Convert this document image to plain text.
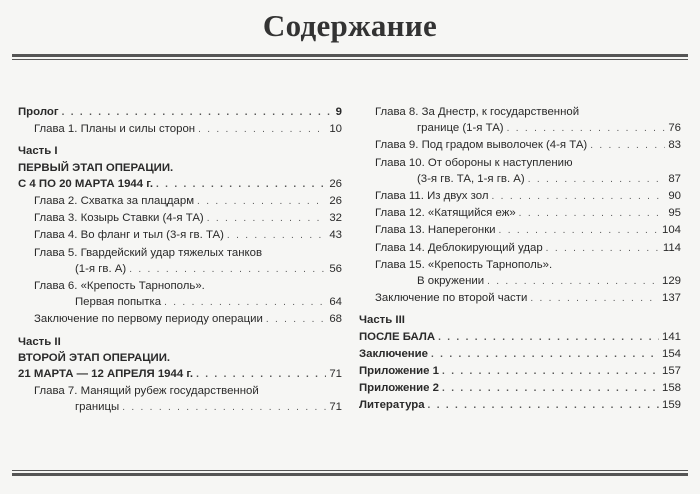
Содержание
Пролог . . .	9
Глава 1. Планы и силы сторон . . .	10
Часть I
ПЕРВЫЙ ЭТАП ОПЕРАЦИИ.
С 4 ПО 20 МАРТА 1944 г. . . .	26
Глава 2. Схватка за плацдарм . . .	26
Глава 3. Козырь Ставки (4-я ТА) . . .	32
Глава 4. Во фланг и тыл (3-я гв. ТА) . . .	43
Глава 5. Гвардейский удар тяжелых танков
(1-я гв. А) . . .	56
Глава 6. «Крепость Тарнополь».
Первая попытка . . .	64
Заключение по первому периоду операции . . .	68
Часть II
ВТОРОЙ ЭТАП ОПЕРАЦИИ.
21 МАРТА — 12 АПРЕЛЯ 1944 г. . . .	71
Глава 7. Манящий рубеж государственной
границы . . .	71
Глава 8. За Днестр, к государственной
границе (1-я ТА) . . .	76
Глава 9. Под градом выволочек (4-я ТА) . . .	83
Глава 10. От обороны к наступлению
(3-я гв. ТА, 1-я гв. А) . . .	87
Глава 11. Из двух зол . . .	90
Глава 12. «Катящийся еж» . . .	95
Глава 13. Наперегонки . . .	104
Глава 14. Деблокирующий удар . . .	114
Глава 15. «Крепость Тарнополь».
В окружении . . .	129
Заключение по второй части . . .	137
Часть III
ПОСЛЕ БАЛА . . .	141
Заключение . . .	154
Приложение 1 . . .	157
Приложение 2 . . .	158
Литература . . .	159
